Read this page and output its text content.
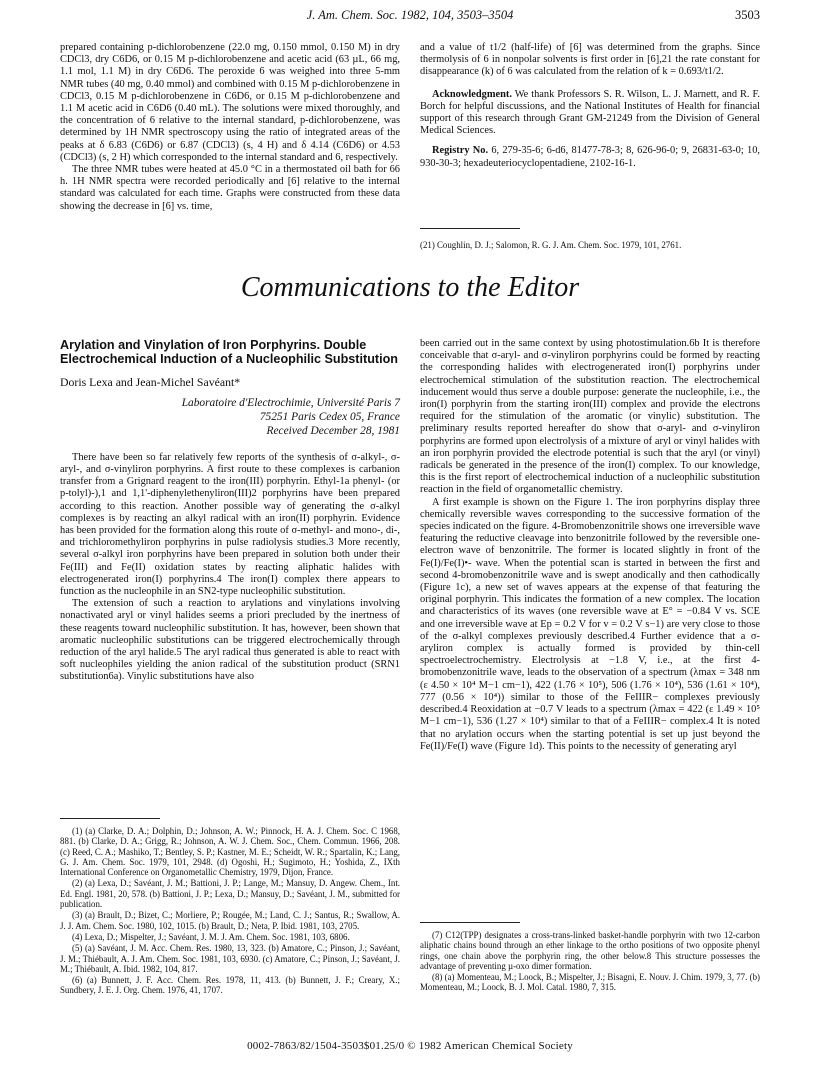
J. Am. Chem. Soc. 1982, 104, 3503–3504	3503

prepared containing p-dichlorobenzene (22.0 mg, 0.150 mmol, 0.150 M) in dry CDCl3, dry C6D6, or 0.15 M p-dichlorobenzene and acetic acid (63 µL, 66 mg, 1.1 mol, 1.1 M) in dry C6D6. The peroxide 6 was weighed into three 5-mm NMR tubes (40 mg, 0.40 mmol) and combined with 0.15 M p-dichlorobenzene in CDCl3, 0.15 M p-dichlorobenzene in C6D6, or 0.15 M p-dichlorobenzene and 1.1 M acetic acid in C6D6 (0.40 mL). The solutions were mixed thoroughly, and the concentration of 6 relative to the internal standard, p-dichlorobenzene, was determined by 1H NMR spectroscopy using the ratio of integrated areas of the peaks at δ 6.83 (C6D6) or 6.87 (CDCl3) (s, 4 H) and δ 4.14 (C6D6) or 4.53 (CDCl3) (s, 2 H) which corresponded to the internal standard and 6, respectively.

The three NMR tubes were heated at 45.0 °C in a thermostated oil bath for 66 h. 1H NMR spectra were recorded periodically and [6] relative to the internal standard was calculated for each time. Graphs were constructed from these data showing the decrease in [6] vs. time,

and a value of t1/2 (half-life) of [6] was determined from the graphs. Since thermolysis of 6 in nonpolar solvents is first order in [6],21 the rate constant for disappearance (k) of 6 was calculated from the relation of k = 0.693/t1/2.

Acknowledgment. We thank Professors S. R. Wilson, L. J. Marnett, and R. F. Borch for helpful discussions, and the National Institutes of Health for financial support of this research through Grant GM-21249 from the Division of General Medical Sciences.

Registry No. 6, 279-35-6; 6-d6, 81477-78-3; 8, 626-96-0; 9, 26831-63-0; 10, 930-30-3; hexadeuteriocyclopentadiene, 2102-16-1.

(21) Coughlin, D. J.; Salomon, R. G. J. Am. Chem. Soc. 1979, 101, 2761.
Communications to the Editor
Arylation and Vinylation of Iron Porphyrins. Double Electrochemical Induction of a Nucleophilic Substitution
Doris Lexa and Jean-Michel Savéant*
Laboratoire d'Electrochimie, Université Paris 7
75251 Paris Cedex 05, France
Received December 28, 1981

There have been so far relatively few reports of the synthesis of σ-alkyl-, σ-aryl-, and σ-vinyliron porphyrins. A first route to these complexes is carbanion transfer from a Grignard reagent to the iron(III) porphyrin. Ethyl-1a phenyl- (or p-tolyl)-),1 and 1,1'-diphenylethenyliron(III)2 porphyrins have been prepared according to this reaction. Another possible way of generating the σ-alkyl complexes is by reacting an alkyl radical with an iron(II) porphyrin. Evidence has been provided for the formation along this route of σ-methyl- and mono-, di-, and trichloromethyliron porphyrins in pulse radiolysis studies.3 More recently, several σ-alkyl iron porphyrins have been prepared in solution both under their Fe(III) and Fe(II) oxidation states by reacting aliphatic halides with electrogenerated iron(I) porphyrins.4 The iron(I) complex there appears to function as the nucleophile in an SN2-type nucleophilic substitution.

The extension of such a reaction to arylations and vinylations involving nonactivated aryl or vinyl halides seems a priori precluded by the inertness of these reagents toward nucleophilic substitution. It has, however, been shown that aromatic nucleophilic substitutions can be triggered electrochemically through reduction of the aryl halide.5 The aryl radical thus generated is able to react with soft nucleophiles yielding the anion radical of the substitution product (SRN1 substitution6a). Vinylic substitutions have also

(1) (a) Clarke, D. A.; Dolphin, D.; Johnson, A. W.; Pinnock, H. A. J. Chem. Soc. C 1968, 881. (b) Clarke, D. A.; Grigg, R.; Johnson, A. W. J. Chem. Soc., Chem. Commun. 1966, 208. (c) Reed, C. A.; Mashiko, T.; Bentley, S. P.; Kastner, M. E.; Scheidt, W. R.; Spartalin, K.; Lang, G. J. Am. Chem. Soc. 1979, 101, 2948. (d) Ogoshi, H.; Sugimoto, H.; Yoshida, Z., IXth International Conference on Organometallic Chemistry, 1979, Dijon, France.

(2) (a) Lexa, D.; Savéant, J. M.; Battioni, J. P.; Lange, M.; Mansuy, D. Angew. Chem., Int. Ed. Engl. 1981, 20, 578. (b) Battioni, J. P.; Lexa, D.; Mansuy, D.; Savéant, J. M., submitted for publication.

(3) (a) Brault, D.; Bizet, C.; Morliere, P.; Rougée, M.; Land, C. J.; Santus, R.; Swallow, A. J. J. Am. Chem. Soc. 1980, 102, 1015. (b) Brault, D.; Neta, P. Ibid. 1981, 103, 2705.

(4) Lexa, D.; Mispelter, J.; Savéant, J. M. J. Am. Chem. Soc. 1981, 103, 6806.

(5) (a) Savéant, J. M. Acc. Chem. Res. 1980, 13, 323. (b) Amatore, C.; Pinson, J.; Savéant, J. M.; Thiébault, A. J. Am. Chem. Soc. 1981, 103, 6930. (c) Amatore, C.; Pinson, J.; Savéant, J. M.; Thiébault, A. Ibid. 1982, 104, 817.

(6) (a) Bunnett, J. F. Acc. Chem. Res. 1978, 11, 413. (b) Bunnett, J. F.; Creary, X.; Sundbery, J. E. J. Org. Chem. 1976, 41, 1707.

been carried out in the same context by using photostimulation.6b It is therefore conceivable that σ-aryl- and σ-vinyliron porphyrins could be formed by reacting the corresponding halides with electrogenerated iron(I) porphyrins under electrochemical stimulation of the substitution reaction. The electrochemical inducement would thus serve a double purpose: generate the nucleophile, i.e., the iron(I) porphyrin from the starting iron(III) complex and provide the electrons required for the stimulation of the aromatic (or vinylic) substitution. The preliminary results reported hereafter do show that σ-aryl- and σ-vinyliron porphyrins are formed upon electrolysis of a mixture of aryl or vinyl halides with an iron porphyrin provided the electrode potential is such that the aryl (or vinyl) radicals be generated in the presence of the iron(I) complex. To our knowledge, this is the first report of electrochemical induction of a nucleophilic substitution reaction in the field of organometallic chemistry.

A first example is shown on the Figure 1. The iron porphyrins display three chemically reversible waves corresponding to the successive formation of the species indicated on the figure. 4-Bromobenzonitrile shows one irreversible wave featuring the reductive cleavage into benzonitrile followed by the reversible one-electron wave of benzonitrile. The former is located slightly in front of the Fe(I)/Fe(I)•- wave. When the potential scan is started in between the first and second 4-bromobenzonitrile wave and is swept anodically and then cathodically (Figure 1c), a new set of waves appears at the expense of that featuring the original porphyrin. This indicates the formation of a new complex. The location and characteristics of its waves (one reversible wave at E° = −0.84 V vs. SCE and one irreversible wave at Ep = 0.2 V for v = 0.2 V s−1) are very close to those of the σ-alkyl complexes previously described.4 Further evidence that a σ-aryliron complex is actually formed is provided by thin-cell spectroelectrochemistry. Electrolysis at −1.8 V, i.e., at the first 4-bromobenzonitrile wave, leads to the observation of a spectrum (λmax = 348 nm (ε 4.50 × 10⁴ M−1 cm−1), 422 (1.76 × 10⁵), 506 (1.76 × 10⁴), 536 (1.61 × 10⁴), 777 (0.56 × 10⁴)) similar to those of the FeIIIR− complexes previously described.4 Reoxidation at −0.7 V leads to a spectrum (λmax = 422 (ε 1.49 × 10⁵ M−1 cm−1), 536 (1.27 × 10⁴) similar to that of a FeIIIR− complex.4 It is noted that no arylation occurs when the starting potential is set up just beyond the Fe(II)/Fe(I) wave (Figure 1d). This points to the necessity of generating aryl

(7) C12(TPP) designates a cross-trans-linked basket-handle porphyrin with two 12-carbon aliphatic chains bound through an ether linkage to the ortho positions of two opposite phenyl rings, one chain above the porphyrin ring, the other below.8 This structure possesses the advantage of preventing µ-oxo dimer formation.

(8) (a) Momenteau, M.; Loock, B.; Mispelter, J.; Bisagni, E. Nouv. J. Chim. 1979, 3, 77. (b) Momenteau, M.; Loock, B. J. Mol. Catal. 1980, 7, 315.

0002-7863/82/1504-3503$01.25/0 © 1982 American Chemical Society
